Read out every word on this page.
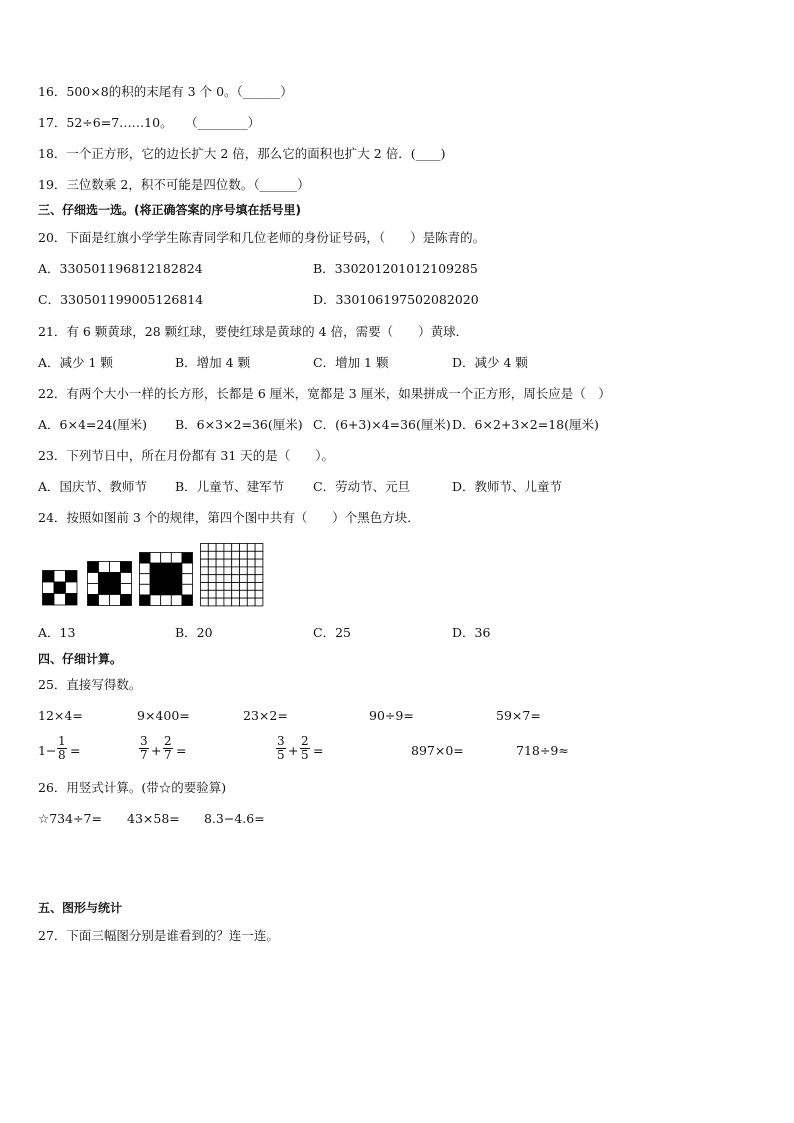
16．500×8的积的末尾有 3 个 0。（______）
17．52÷6=7……10。　　（________）
18．一个正方形，它的边长扩大 2 倍，那么它的面积也扩大 2 倍．(____)
19．三位数乘 2，积不可能是四位数。（______）
三、仔细选一选。(将正确答案的序号填在括号里)
20．下面是红旗小学学生陈青同学和几位老师的身份证号码，（　　）是陈青的。
A．330501196812182824	B．330201201012109285
C．330501199005126814	D．330106197502082020
21．有 6 颗黄球，28 颗红球，要使红球是黄球的 4 倍，需要（　　）黄球．
A．减少 1 颗	B．增加 4 颗	C．增加 1 颗	D．减少 4 颗
22．有两个大小一样的长方形，长都是 6 厘米，宽都是 3 厘米，如果拼成一个正方形，周长应是（　）
A．6×4=24(厘米) B．6×3×2=36(厘米) C．(6+3)×4=36(厘米) D．6×2+3×2=18(厘米)
23．下列节日中，所在月份都有 31 天的是（　　）。
A．国庆节、教师节 B．儿童节、建军节 C．劳动节、元旦	D．教师节、儿童节
24．按照如图前 3 个的规律，第四个图中共有（　　）个黑色方块．
A．13	B．20	C．25	D．36
四、仔细计算。
25．直接写得数。
12×4=	9×400=	23×2=	90÷9=	59×7=
$1- \frac{1}{8}$ =	$\frac{3}{7} + \frac{2}{7}$ =	$\frac{3}{5} + \frac{2}{5}$ =	897×0=	718÷9≈
26．用竖式计算。(带☆的要验算)
☆734÷7= 43×58= 8.3−4.6=
五、图形与统计
27．下面三幅图分别是谁看到的？连一连。
